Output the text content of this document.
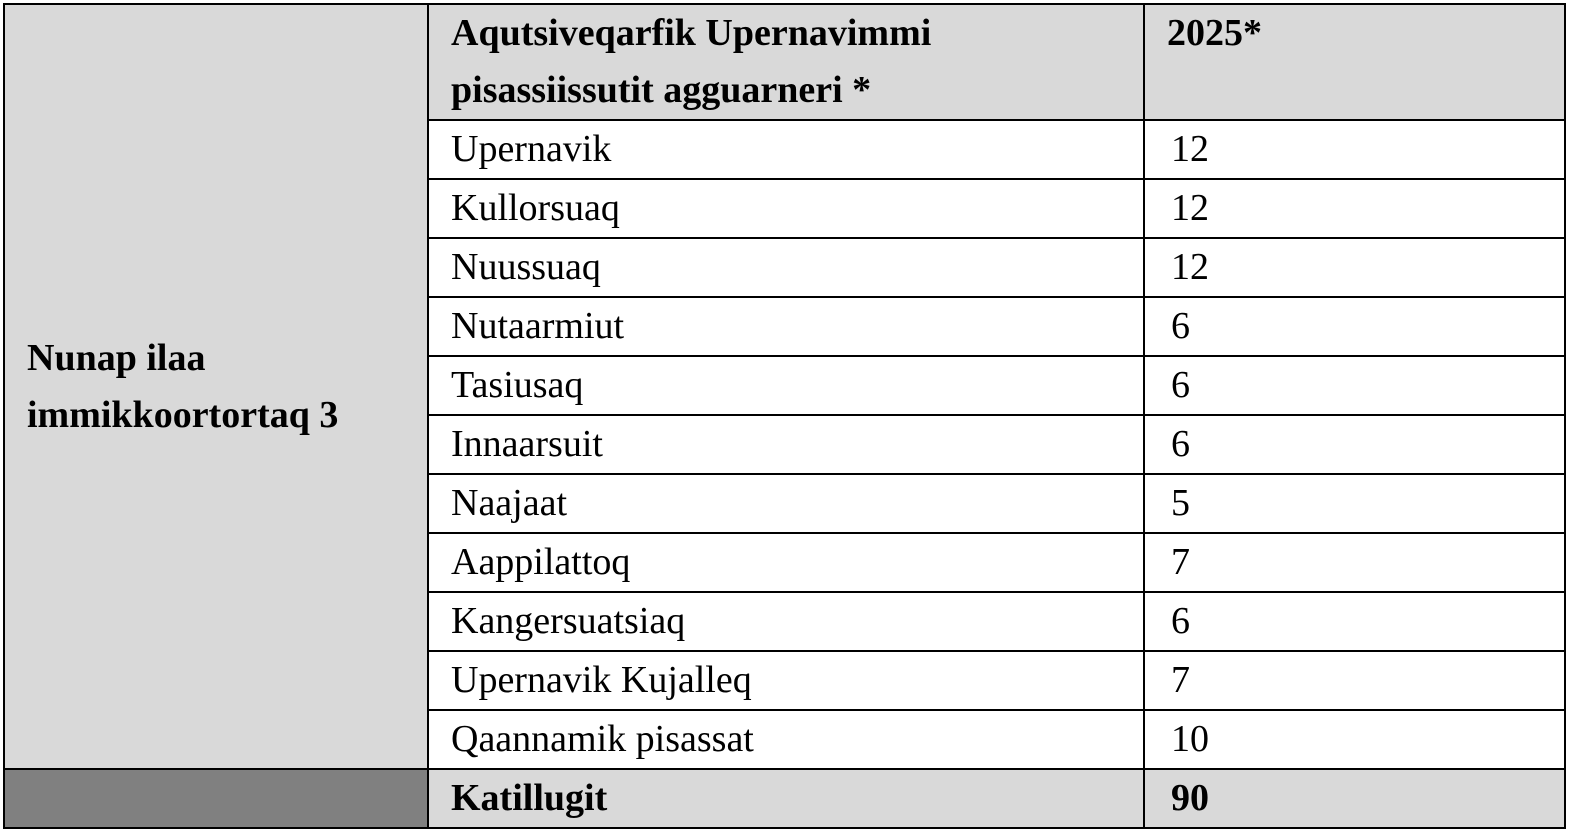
Nunap ilaa immikkoortortaq 3	Aqutsiveqarfik Upernavimmi pisassiissutit agguarneri *	2025*
	Upernavik	12
	Kullorsuaq	12
	Nuussuaq	12
	Nutaarmiut	6
	Tasiusaq	6
	Innaarsuit	6
	Naajaat	5
	Aappilattoq	7
	Kangersuatsiaq	6
	Upernavik Kujalleq	7
	Qaannamik pisassat	10
	Katillugit	90
